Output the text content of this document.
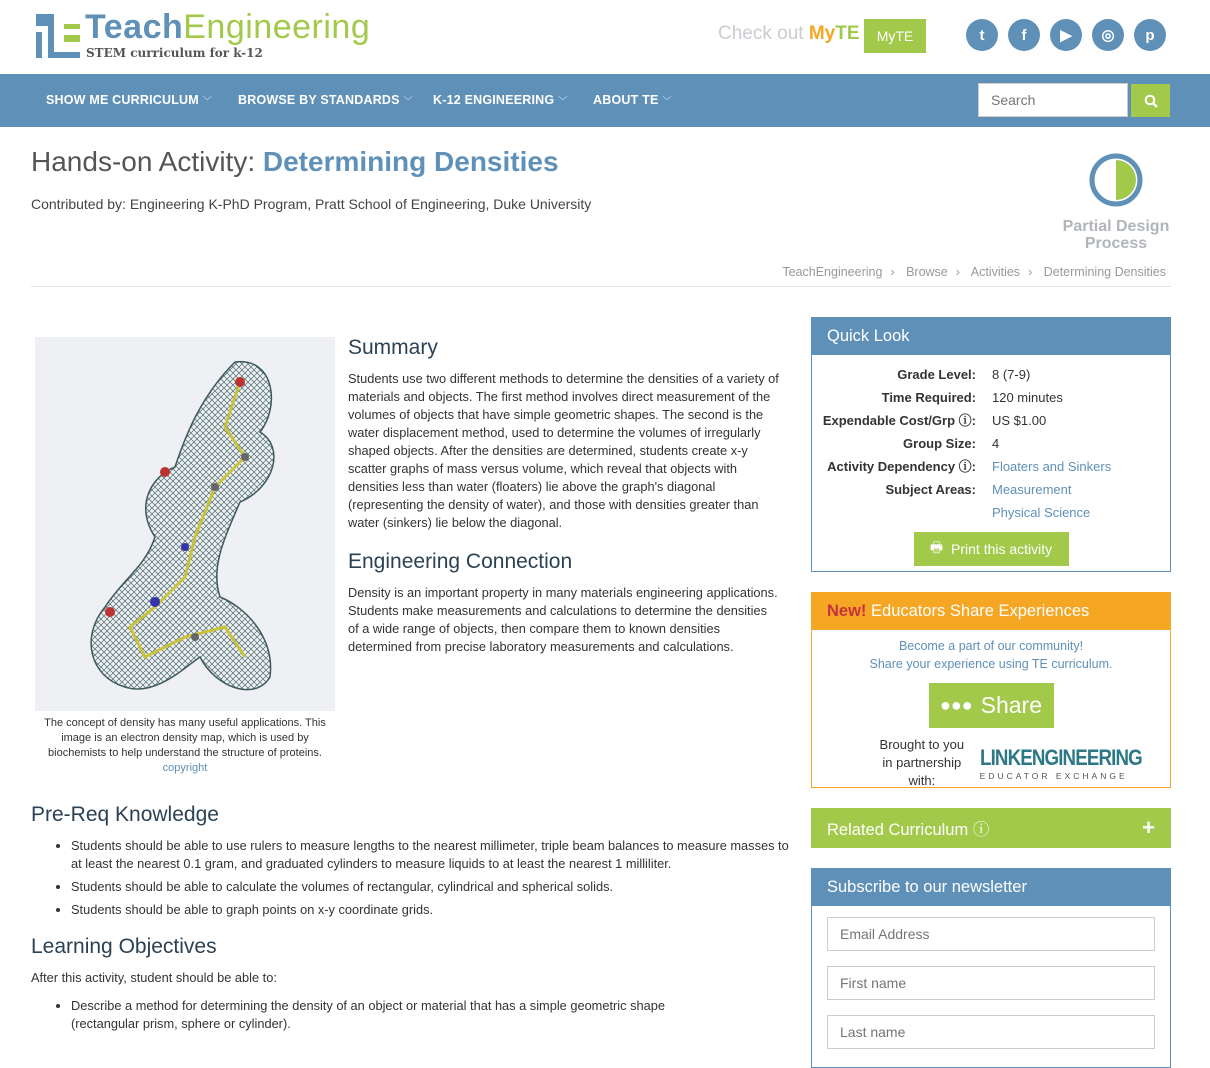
TeachEngineering
STEM curriculum for k-12
Check out MyTE	MyTE	t	f	▶	◎	p
SHOW ME CURRICULUM ﹀ BROWSE BY STANDARDS ﹀ K-12 ENGINEERING ﹀ ABOUT TE ﹀
Search
Hands-on Activity: Determining Densities
Contributed by: Engineering K-PhD Program, Pratt School of Engineering, Duke University
Partial Design Process
TeachEngineering › Browse › Activities › Determining Densities
The concept of density has many useful applications. This image is an electron density map, which is used by biochemists to help understand the structure of proteins.
copyright
Summary

Students use two different methods to determine the densities of a variety of materials and objects. The first method involves direct measurement of the volumes of objects that have simple geometric shapes. The second is the water displacement method, used to determine the volumes of irregularly shaped objects. After the densities are determined, students create x-y scatter graphs of mass versus volume, which reveal that objects with densities less than water (floaters) lie above the graph's diagonal (representing the density of water), and those with densities greater than water (sinkers) lie below the diagonal.

Engineering Connection

Density is an important property in many materials engineering applications. Students make measurements and calculations to determine the densities of a wide range of objects, then compare them to known densities determined from precise laboratory measurements and calculations.

Pre-Req Knowledge
• Students should be able to use rulers to measure lengths to the nearest millimeter, triple beam balances to measure masses to at least the nearest 0.1 gram, and graduated cylinders to measure liquids to at least the nearest 1 milliliter.
• Students should be able to calculate the volumes of rectangular, cylindrical and spherical solids.
• Students should be able to graph points on x-y coordinate grids.
Learning Objectives

After this activity, student should be able to:

• Describe a method for determining the density of an object or material that has a simple geometric shape (rectangular prism, sphere or cylinder).
Quick Look
Grade Level:	8 (7-9)
Time Required:	120 minutes
Expendable Cost/Grp ⓘ:	US $1.00
Group Size:	4
Activity Dependency ⓘ:	Floaters and Sinkers
Subject Areas:	Measurement
Physical Science
🖶 Print this activity
New! Educators Share Experiences
Become a part of our community!
Share your experience using TE curriculum.
●●● Share
Brought to you in partnership with:
LINKENGINEERING
EDUCATOR EXCHANGE
Related Curriculum ⓘ	+
Subscribe to our newsletter
Email Address
First name
Last name
